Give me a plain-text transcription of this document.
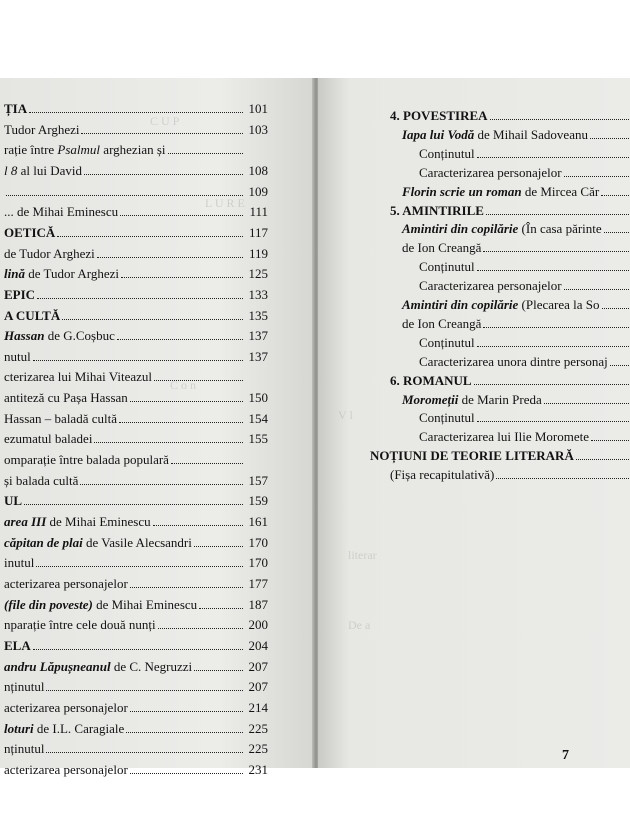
C U P
L U R E
C o n
ȚIA	101
Tudor Arghezi	103
rație între Psalmul arghezian și
l 8 al lui David	108
109
... de Mihai Eminescu	111
OETICĂ	117
de Tudor Arghezi	119
lină de Tudor Arghezi	125
EPIC	133
A CULTĂ	135
Hassan de G.Coșbuc	137
nutul	137
cterizarea lui Mihai Viteazul
antiteză cu Pașa Hassan	150
Hassan – baladă cultă	154
ezumatul baladei	155
omparație între balada populară
și balada cultă	157
UL	159
area III de Mihai Eminescu	161
căpitan de plai de Vasile Alecsandri	170
inutul	170
acterizarea personajelor	177
(file din poveste) de Mihai Eminescu	187
nparație între cele două nunți	200
ELA	204
andru Lăpușneanul de C. Negruzzi	207
nținutul	207
acterizarea personajelor	214
loturi de I.L. Caragiale	225
nținutul	225
acterizarea personajelor	231
V l
literar
De a
4. POVESTIREA
Iapa lui Vodă de Mihail Sadoveanu
Conținutul
Caracterizarea personajelor
Florin scrie un roman de Mircea Căr
5. AMINTIRILE
Amintiri din copilărie (În casa părinte
de Ion Creangă
Conținutul
Caracterizarea personajelor
Amintiri din copilărie (Plecarea la So
de Ion Creangă
Conținutul
Caracterizarea unora dintre personaj
6. ROMANUL
Moromeții de Marin Preda
Conținutul
Caracterizarea lui Ilie Moromete
NOȚIUNI DE TEORIE LITERARĂ
(Fișa recapitulativă)
7
